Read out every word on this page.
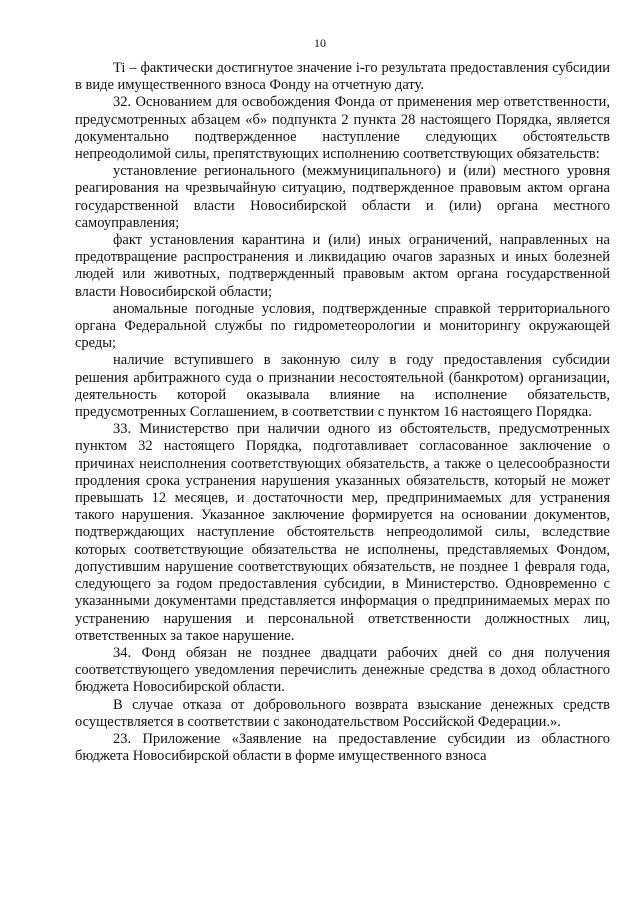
10

Ti – фактически достигнутое значение i-го результата предоставления субсидии в виде имущественного взноса Фонду на отчетную дату.

32. Основанием для освобождения Фонда от применения мер ответственности, предусмотренных абзацем «б» подпункта 2 пункта 28 настоящего Порядка, является документально подтвержденное наступление следующих обстоятельств непреодолимой силы, препятствующих исполнению соответствующих обязательств:

установление регионального (межмуниципального) и (или) местного уровня реагирования на чрезвычайную ситуацию, подтвержденное правовым актом органа государственной власти Новосибирской области и (или) органа местного самоуправления;

факт установления карантина и (или) иных ограничений, направленных на предотвращение распространения и ликвидацию очагов заразных и иных болезней людей или животных, подтвержденный правовым актом органа государственной власти Новосибирской области;

аномальные погодные условия, подтвержденные справкой территориального органа Федеральной службы по гидрометеорологии и мониторингу окружающей среды;

наличие вступившего в законную силу в году предоставления субсидии решения арбитражного суда о признании несостоятельной (банкротом) организации, деятельность которой оказывала влияние на исполнение обязательств, предусмотренных Соглашением, в соответствии с пунктом 16 настоящего Порядка.

33. Министерство при наличии одного из обстоятельств, предусмотренных пунктом 32 настоящего Порядка, подготавливает согласованное заключение о причинах неисполнения соответствующих обязательств, а также о целесообразности продления срока устранения нарушения указанных обязательств, который не может превышать 12 месяцев, и достаточности мер, предпринимаемых для устранения такого нарушения. Указанное заключение формируется на основании документов, подтверждающих наступление обстоятельств непреодолимой силы, вследствие которых соответствующие обязательства не исполнены, представляемых Фондом, допустившим нарушение соответствующих обязательств, не позднее 1 февраля года, следующего за годом предоставления субсидии, в Министерство. Одновременно с указанными документами представляется информация о предпринимаемых мерах по устранению нарушения и персональной ответственности должностных лиц, ответственных за такое нарушение.

34. Фонд обязан не позднее двадцати рабочих дней со дня получения соответствующего уведомления перечислить денежные средства в доход областного бюджета Новосибирской области.

В случае отказа от добровольного возврата взыскание денежных средств осуществляется в соответствии с законодательством Российской Федерации.».

23. Приложение «Заявление на предоставление субсидии из областного бюджета Новосибирской области в форме имущественного взноса
